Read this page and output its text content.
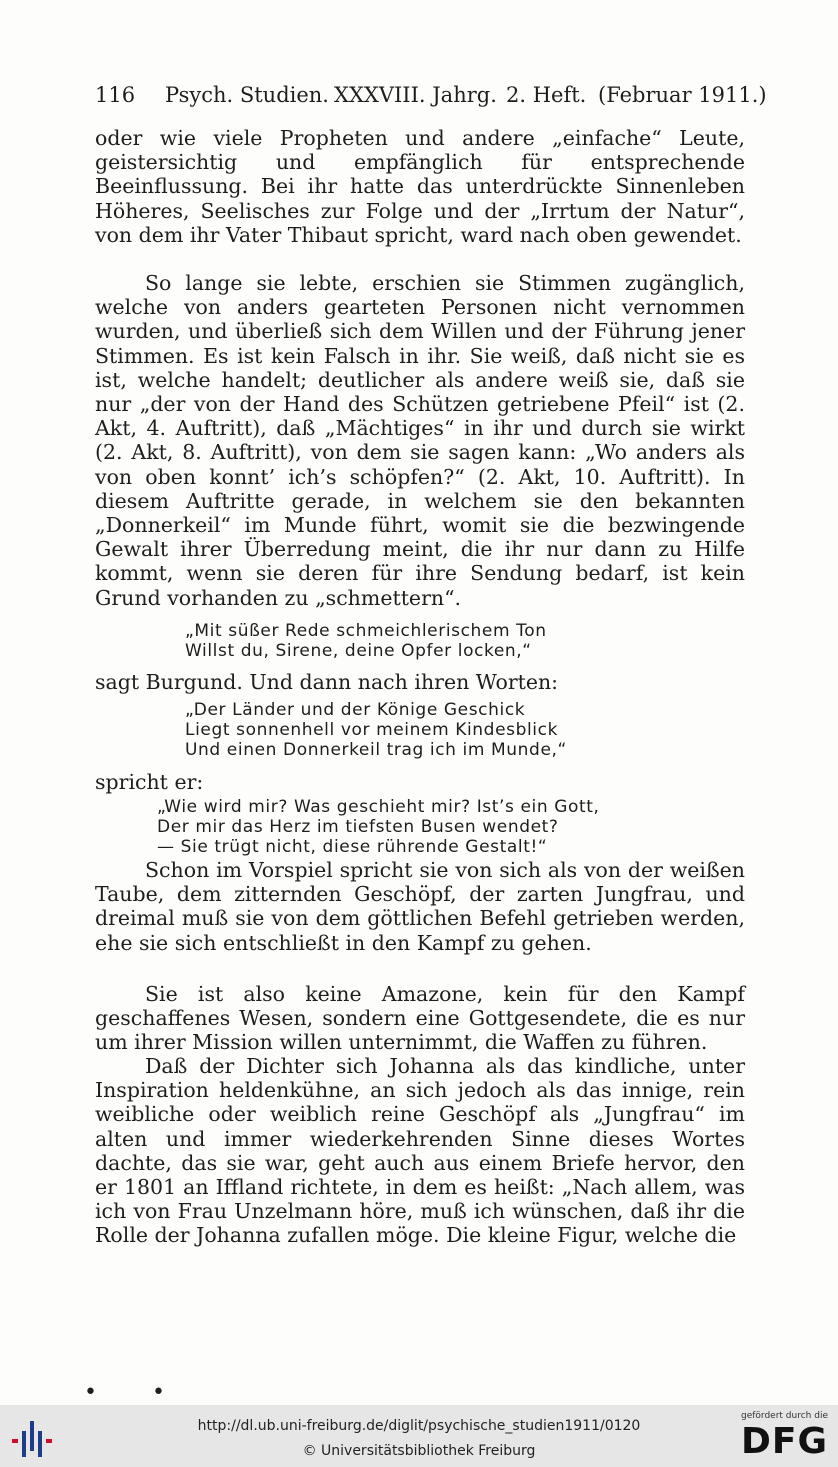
116 Psych. Studien. XXXVIII. Jahrg. 2. Heft. (Februar 1911.)

oder wie viele Propheten und andere „einfache“ Leute, geistersichtig und empfänglich für entsprechende Beeinflussung. Bei ihr hatte das unterdrückte Sinnenleben Höheres, Seelisches zur Folge und der „Irrtum der Natur“, von dem ihr Vater Thibaut spricht, ward nach oben gewendet.

So lange sie lebte, erschien sie Stimmen zugänglich, welche von anders gearteten Personen nicht vernommen wurden, und überließ sich dem Willen und der Führung jener Stimmen. Es ist kein Falsch in ihr. Sie weiß, daß nicht sie es ist, welche handelt; deutlicher als andere weiß sie, daß sie nur „der von der Hand des Schützen getriebene Pfeil“ ist (2. Akt, 4. Auftritt), daß „Mächtiges“ in ihr und durch sie wirkt (2. Akt, 8. Auftritt), von dem sie sagen kann: „Wo anders als von oben konnt’ ich’s schöpfen?“ (2. Akt, 10. Auftritt). In diesem Auftritte gerade, in welchem sie den bekannten „Donnerkeil“ im Munde führt, womit sie die bezwingende Gewalt ihrer Überredung meint, die ihr nur dann zu Hilfe kommt, wenn sie deren für ihre Sendung bedarf, ist kein Grund vorhanden zu „schmettern“.

„Mit süßer Rede schmeichlerischem Ton
Willst du, Sirene, deine Opfer locken,“
sagt Burgund. Und dann nach ihren Worten:
„Der Länder und der Könige Geschick
Liegt sonnenhell vor meinem Kindesblick
Und einen Donnerkeil trag ich im Munde,“
spricht er:
„Wie wird mir? Was geschieht mir? Ist’s ein Gott,
Der mir das Herz im tiefsten Busen wendet?
— Sie trügt nicht, diese rührende Gestalt!“

Schon im Vorspiel spricht sie von sich als von der weißen Taube, dem zitternden Geschöpf, der zarten Jungfrau, und dreimal muß sie von dem göttlichen Befehl getrieben werden, ehe sie sich entschließt in den Kampf zu gehen.

Sie ist also keine Amazone, kein für den Kampf geschaffenes Wesen, sondern eine Gottgesendete, die es nur um ihrer Mission willen unternimmt, die Waffen zu führen.

Daß der Dichter sich Johanna als das kindliche, unter Inspiration heldenkühne, an sich jedoch als das innige, rein weibliche oder weiblich reine Geschöpf als „Jungfrau“ im alten und immer wiederkehrenden Sinne dieses Wortes dachte, das sie war, geht auch aus einem Briefe hervor, den er 1801 an Iffland richtete, in dem es heißt: „Nach allem, was ich von Frau Unzelmann höre, muß ich wünschen, daß ihr die Rolle der Johanna zufallen möge. Die kleine Figur, welche die

• •
http://dl.ub.uni-freiburg.de/diglit/psychische_studien1911/0120
© Universitätsbibliothek Freiburg
gefördert durch die
DFG
